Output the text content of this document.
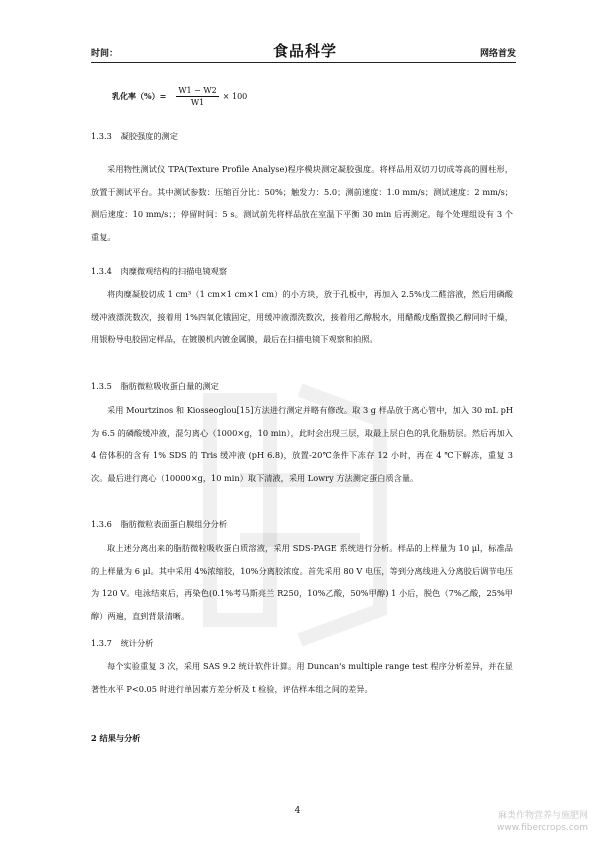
时间：	食品科学	网络首发
乳化率（%）= $\frac{W1 - W2}{W1} \times 100$
1.3.3 凝胶强度的测定
采用物性测试仪 TPA(Texture Profile Analyse)程序模块测定凝胶强度。将样品用双切刀切成等高的圆柱形，放置于测试平台。其中测试参数：压缩百分比：50%；触发力：5.0；测前速度：1.0 mm/s；测试速度：2 mm/s；测后速度：10 mm/s；；停留时间：5 s。测试前先将样品放在室温下平衡 30 min 后再测定。每个处理组设有 3 个重复。
1.3.4 肉糜微观结构的扫描电镜观察
将肉糜凝胶切成 1 cm³（1 cm×1 cm×1 cm）的小方块，放于孔板中，再加入 2.5%戊二醛溶液，然后用磷酸缓冲液漂洗数次，接着用 1%四氧化锇固定，用缓冲液漂洗数次，接着用乙醇脱水，用醋酸戊酯置换乙醇同时干燥，用银粉导电胶固定样品，在镀膜机内镀金属膜，最后在扫描电镜下观察和拍照。
1.3.5 脂肪微粒吸收蛋白量的测定
采用 Mourtzinos 和 Kiosseoglou[15]方法进行测定并略有修改。取 3 g 样品放于离心管中，加入 30 mL pH 为 6.5 的磷酸缓冲液，混匀离心（1000×g，10 min），此时会出现三层，取最上层白色的乳化脂肪层。然后再加入 4 倍体积的含有 1% SDS 的 Tris 缓冲液 (pH 6.8)，放置-20℃条件下冻存 12 小时，再在 4 ℃下解冻，重复 3 次。最后进行离心（10000×g，10 min）取下清液，采用 Lowry 方法测定蛋白质含量。
1.3.6 脂肪微粒表面蛋白膜组分分析
取上述分离出来的脂肪微粒吸收蛋白质溶液，采用 SDS-PAGE 系统进行分析。样品的上样量为 10 μl，标准品的上样量为 6 μl。其中采用 4%浓缩胶，10%分离胶浓度。首先采用 80 V 电压，等到分离线进入分离胶后调节电压为 120 V。电泳结束后，再染色(0.1%考马斯亮兰 R250，10%乙酸，50%甲醇) 1 小后，脱色（7%乙酸，25%甲醇）两遍，直到背景清晰。
1.3.7 统计分析
每个实验重复 3 次，采用 SAS 9.2 统计软件计算。用 Duncan's multiple range test 程序分析差异，并在显著性水平 P<0.05 时进行单因素方差分析及 t 检验，评估样本组之间的差异。
2 结果与分析
4	麻类作物营养与施肥网
www.fibercrops.com
